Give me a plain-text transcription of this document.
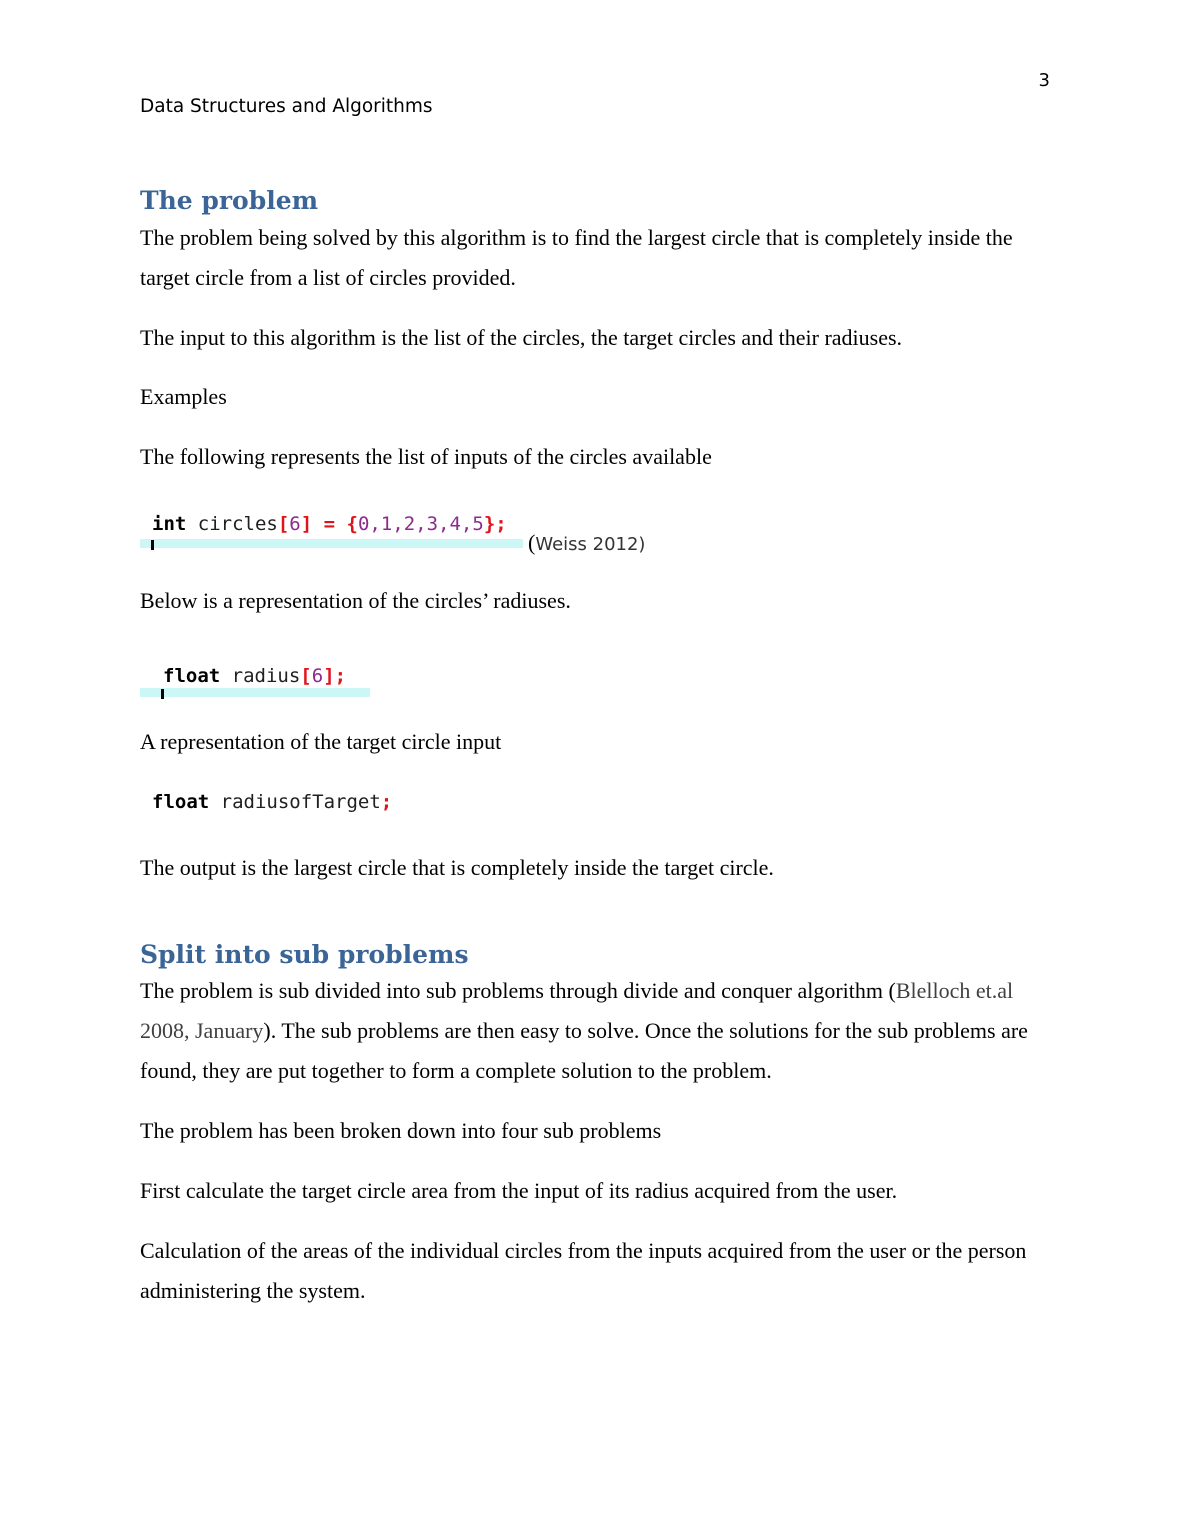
3
Data Structures and Algorithms
The problem

The problem being solved by this algorithm is to find the largest circle that is completely inside the target circle from a list of circles provided.

The input to this algorithm is the list of the circles, the target circles and their radiuses.

Examples

The following represents the list of inputs of the circles available

int circles[6] = {0,1,2,3,4,5};
(Weiss 2012)

Below is a representation of the circles’ radiuses.

float radius[6];

A representation of the target circle input

float radiusofTarget;

The output is the largest circle that is completely inside the target circle.

Split into sub problems

The problem is sub divided into sub problems through divide and conquer algorithm (Blelloch et.al 2008, January). The sub problems are then easy to solve. Once the solutions for the sub problems are found, they are put together to form a complete solution to the problem.

The problem has been broken down into four sub problems

First calculate the target circle area from the input of its radius acquired from the user.

Calculation of the areas of the individual circles from the inputs acquired from the user or the person administering the system.
